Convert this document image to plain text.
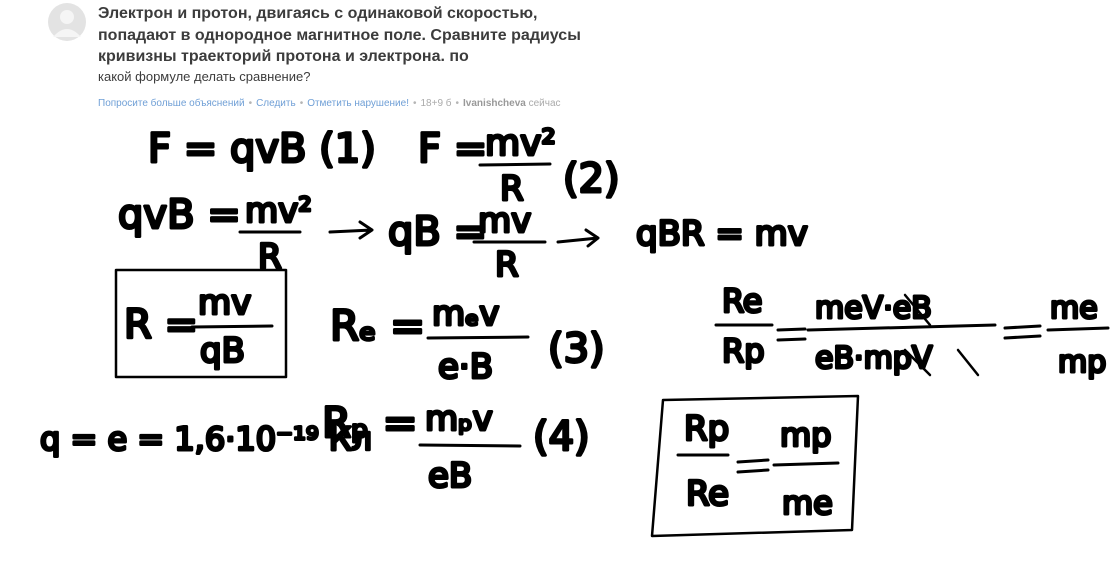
Электрон и протон, двигаясь с одинаковой скоростью, попадают в однородное магнитное поле. Сравните радиусы кривизны траекторий протона и электрона. по

какой формуле делать сравнение?

Попросите больше объяснений • Следить • Отметить нарушение! • 18+9 б • Ivanishcheva сейчас
F = qvB (1) F =
mv²
R (2)
qvB = mv²
R
qB =
mv
R
qBR = mv
R = mv
qB
Rₑ = mₑv
e·B (3)
Rₚ = mₚv
eB
(4)
q = e = 1,6·10⁻¹⁹ Кл
Re
Rp
meV·eB
eB·mpV
me
mp
Rp
Re
mp
me
